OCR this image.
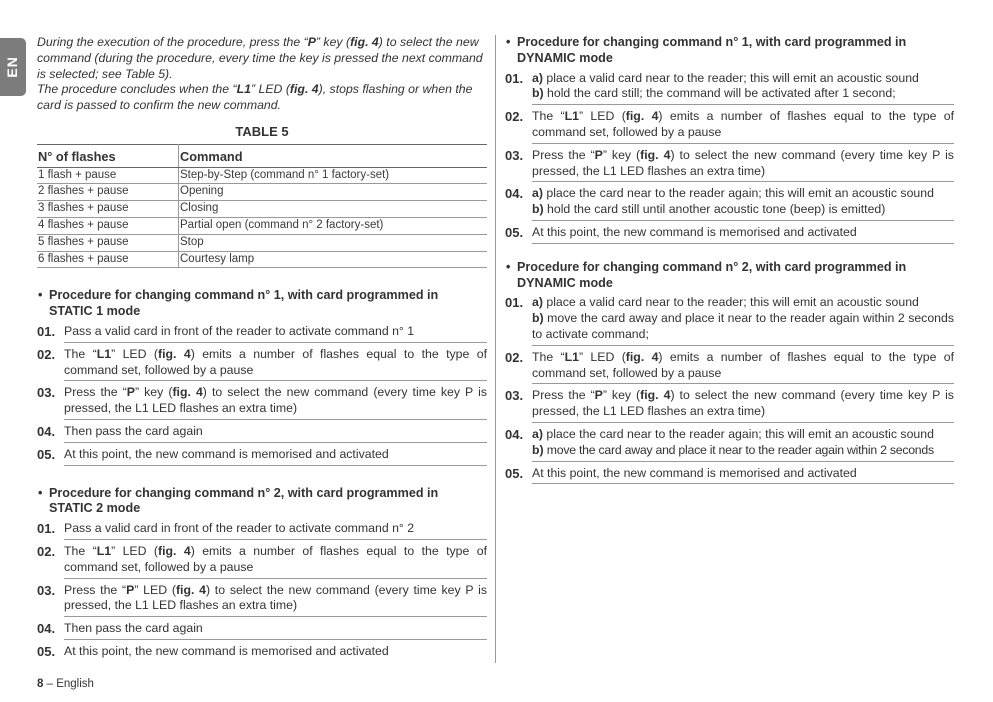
EN

During the execution of the procedure, press the “P” key (fig. 4) to select the new command (during the procedure, every time the key is pressed the next command is selected; see Table 5).

The procedure concludes when the “L1” LED (fig. 4), stops flashing or when the card is passed to confirm the new command.

TABLE 5
N° of flashes	Command
1 flash + pause	Step-by-Step (command n° 1 factory-set)
2 flashes + pause	Opening
3 flashes + pause	Closing
4 flashes + pause	Partial open (command n° 2 factory-set)
5 flashes + pause	Stop
6 flashes + pause	Courtesy lamp
• Procedure for changing command n° 1, with card programmed in
STATIC 1 mode
01. Pass a valid card in front of the reader to activate command n° 1
02. The “L1” LED (fig. 4) emits a number of flashes equal to the type of command set, followed by a pause
03. Press the “P” key (fig. 4) to select the new command (every time key P is pressed, the L1 LED flashes an extra time)
04. Then pass the card again
05. At this point, the new command is memorised and activated
• Procedure for changing command n° 2, with card programmed in
STATIC 2 mode
01. Pass a valid card in front of the reader to activate command n° 2
02. The “L1” LED (fig. 4) emits a number of flashes equal to the type of command set, followed by a pause
03. Press the “P” LED (fig. 4) to select the new command (every time key P is pressed, the L1 LED flashes an extra time)
04. Then pass the card again
05. At this point, the new command is memorised and activated
• Procedure for changing command n° 1, with card programmed in
DYNAMIC mode
01. a) place a valid card near to the reader; this will emit an acoustic sound
b) hold the card still; the command will be activated after 1 second;
02. The “L1” LED (fig. 4) emits a number of flashes equal to the type of command set, followed by a pause
03. Press the “P” key (fig. 4) to select the new command (every time key P is pressed, the L1 LED flashes an extra time)
04. a) place the card near to the reader again; this will emit an acoustic sound
b) hold the card still until another acoustic tone (beep) is emitted)
05. At this point, the new command is memorised and activated
• Procedure for changing command n° 2, with card programmed in
DYNAMIC mode
01. a) place a valid card near to the reader; this will emit an acoustic sound
b) move the card away and place it near to the reader again within 2 seconds to activate command;
02. The “L1” LED (fig. 4) emits a number of flashes equal to the type of command set, followed by a pause
03. Press the “P” key (fig. 4) to select the new command (every time key P is pressed, the L1 LED flashes an extra time)
04. a) place the card near to the reader again; this will emit an acoustic sound
b) move the card away and place it near to the reader again within 2 seconds
05. At this point, the new command is memorised and activated
8 – English
